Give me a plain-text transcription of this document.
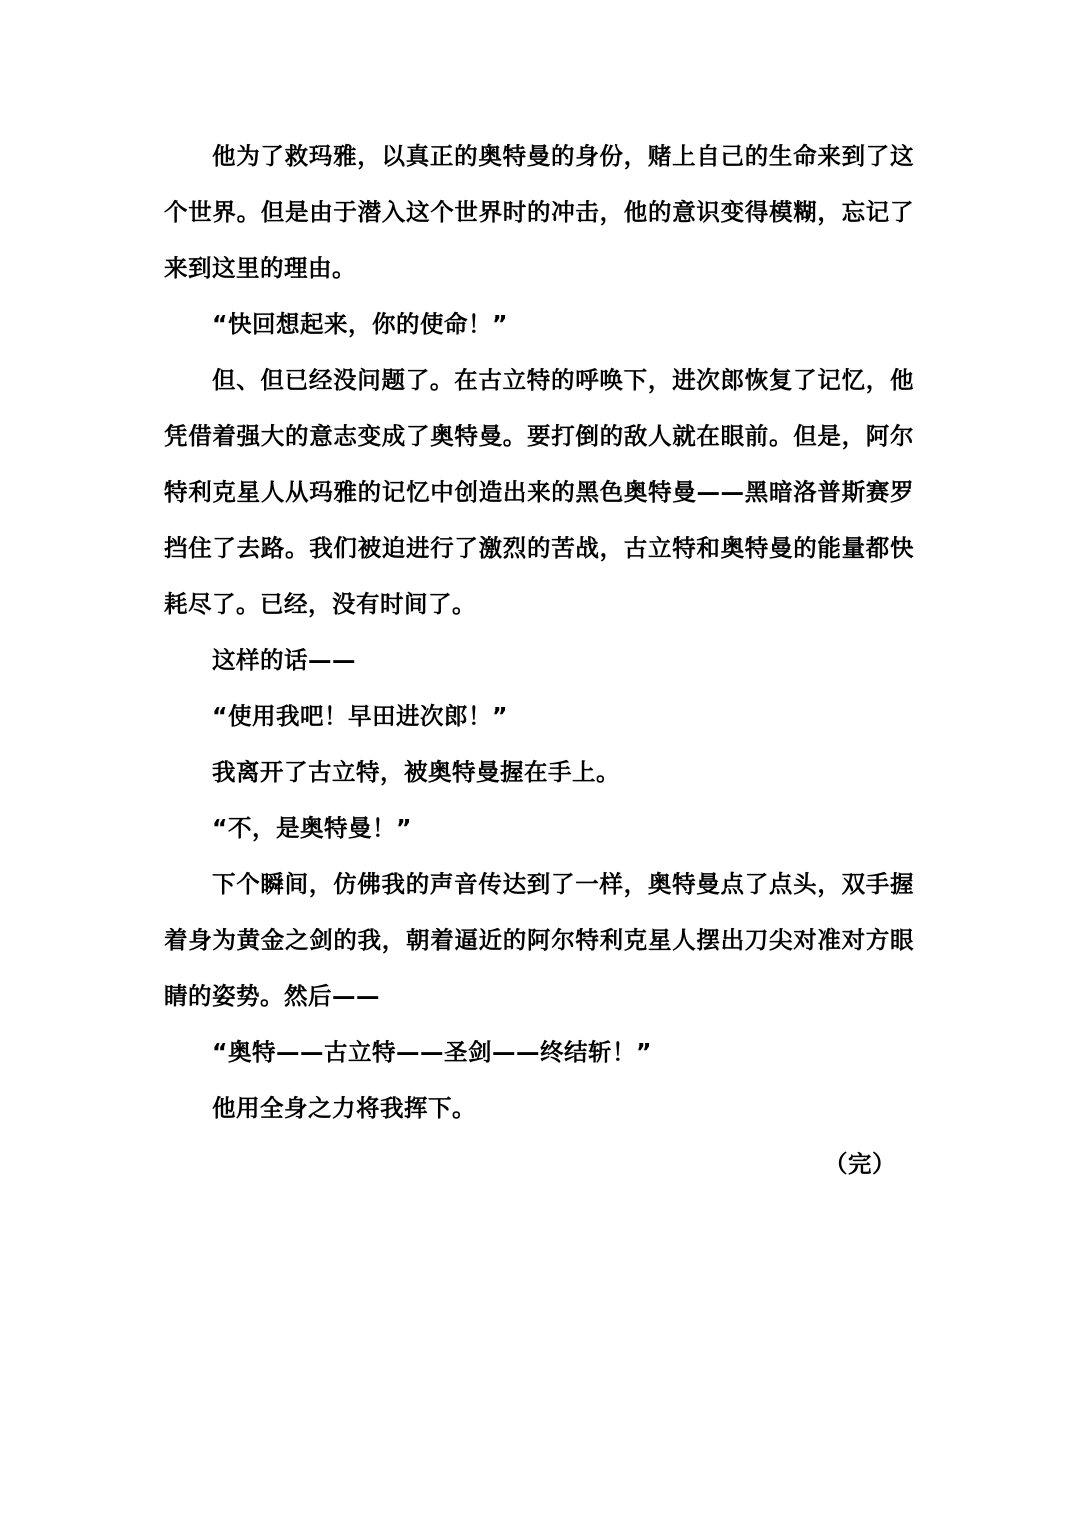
他为了救玛雅，以真正的奥特曼的身份，赌上自己的生命来到了这个世界。但是由于潜入这个世界时的冲击，他的意识变得模糊，忘记了来到这里的理由。

“快回想起来，你的使命！”

但、但已经没问题了。在古立特的呼唤下，进次郎恢复了记忆，他凭借着强大的意志变成了奥特曼。要打倒的敌人就在眼前。但是，阿尔特利克星人从玛雅的记忆中创造出来的黑色奥特曼——黑暗洛普斯赛罗挡住了去路。我们被迫进行了激烈的苦战，古立特和奥特曼的能量都快耗尽了。已经，没有时间了。

这样的话——

“使用我吧！早田进次郎！”

我离开了古立特，被奥特曼握在手上。

“不，是奥特曼！”

下个瞬间，仿佛我的声音传达到了一样，奥特曼点了点头，双手握着身为黄金之剑的我，朝着逼近的阿尔特利克星人摆出刀尖对准对方眼睛的姿势。然后——

“奥特——古立特——圣剑——终结斩！”

他用全身之力将我挥下。

（完）
